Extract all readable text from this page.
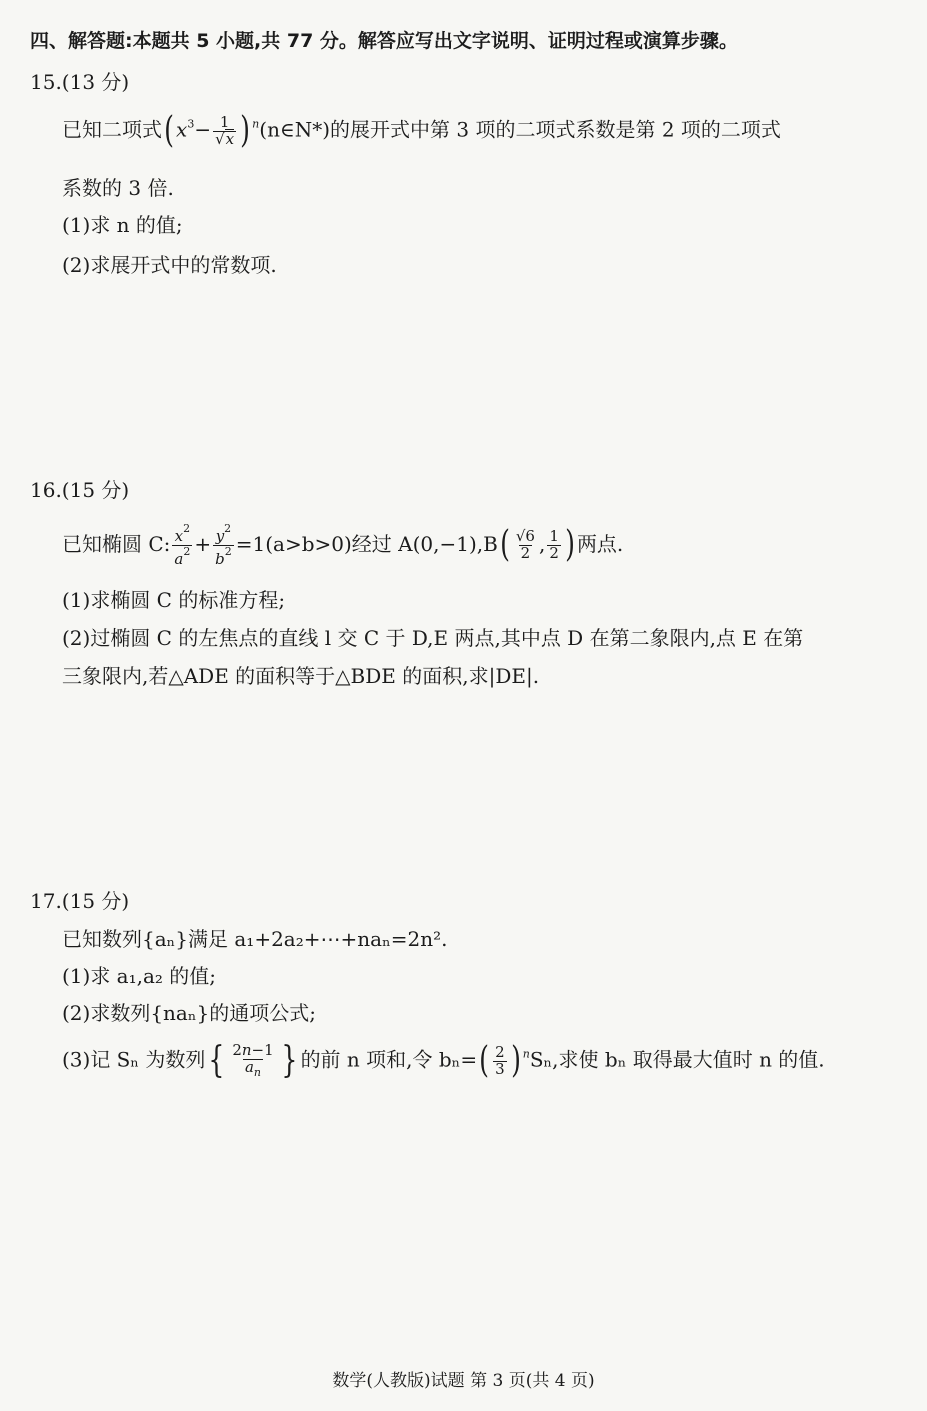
四、解答题:本题共 5 小题,共 77 分。解答应写出文字说明、证明过程或演算步骤。
15.(13 分)
已知二项式( $x^3- \frac{1}{√x}$ ) $^n$(n∈N*)的展开式中第 3 项的二项式系数是第 2 项的二项式
系数的 3 倍.
(1)求 n 的值;
(2)求展开式中的常数项.
16.(15 分)
已知椭圆 C: $\frac{x^2}{a^2} + \frac{y^2}{b^2} =1(a>b>0)$经过 $A(0,-1),B( \frac{√6}{2}$ , $\frac{1}{2}$ ) 两点.
(1)求椭圆 C 的标准方程;
(2)过椭圆 C 的左焦点的直线 l 交 C 于 D,E 两点,其中点 D 在第二象限内,点 E 在第
三象限内,若△ADE 的面积等于△BDE 的面积,求|DE|.
17.(15 分)
已知数列{aₙ}满足 a₁+2a₂+⋯+naₙ=2n².
(1)求 a₁,a₂ 的值;
(2)求数列{naₙ}的通项公式;
(3)记 Sₙ 为数列{ $\frac{2n-1}{a_n}$ } 的前 n 项和,令 $b_n=( \frac{2}{3}$ ) $^n$Sₙ,求使 bₙ 取得最大值时 n 的值.
数学(人教版)试题 第 3 页(共 4 页)
